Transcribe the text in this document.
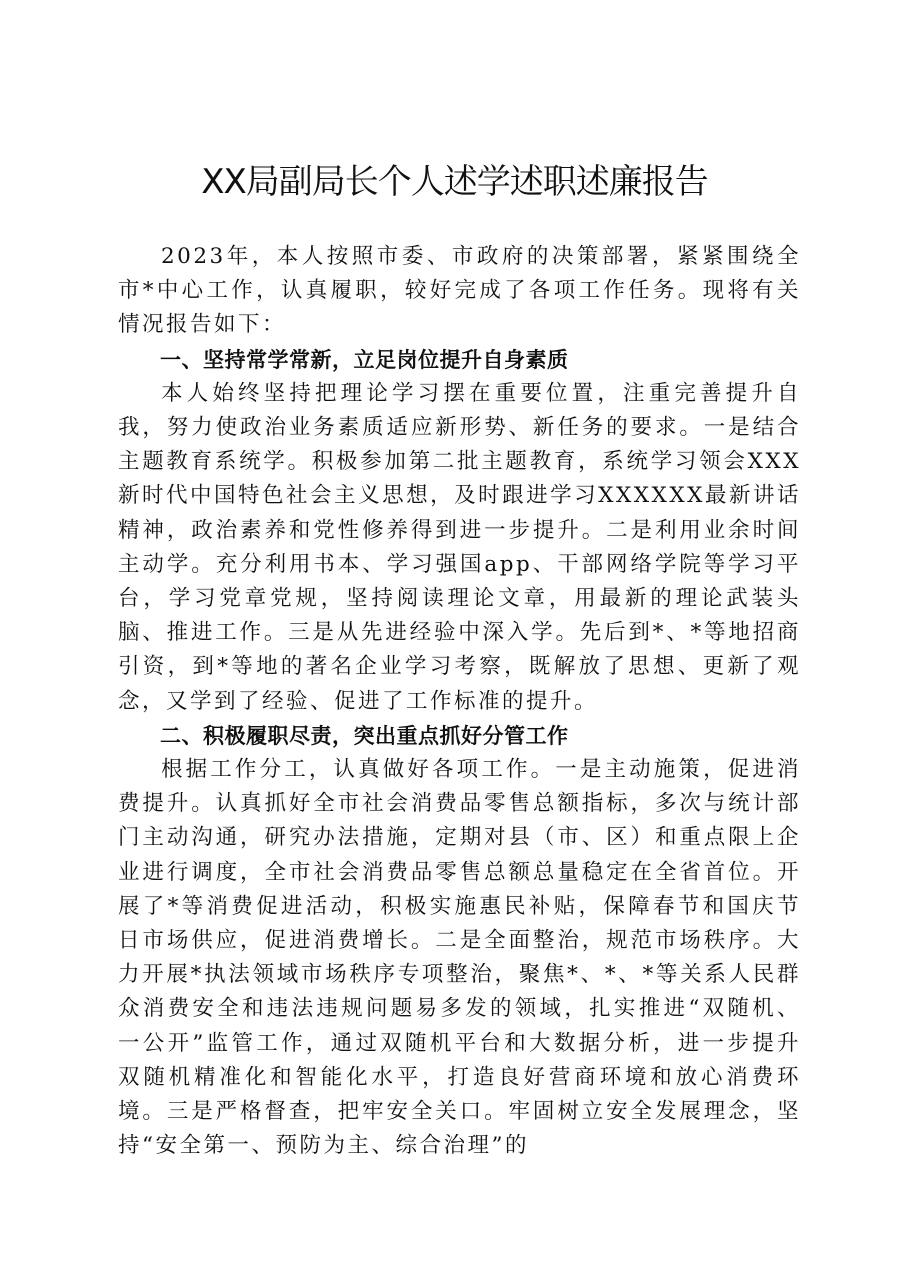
XX局副局长个人述学述职述廉报告

2023年，本人按照市委、市政府的决策部署，紧紧围绕全市*中心工作，认真履职，较好完成了各项工作任务。现将有关情况报告如下：

一、坚持常学常新，立足岗位提升自身素质

本人始终坚持把理论学习摆在重要位置，注重完善提升自我，努力使政治业务素质适应新形势、新任务的要求。一是结合主题教育系统学。积极参加第二批主题教育，系统学习领会XXX新时代中国特色社会主义思想，及时跟进学习XXXXXX最新讲话精神，政治素养和党性修养得到进一步提升。二是利用业余时间主动学。充分利用书本、学习强国app、干部网络学院等学习平台，学习党章党规，坚持阅读理论文章，用最新的理论武装头脑、推进工作。三是从先进经验中深入学。先后到*、*等地招商引资，到*等地的著名企业学习考察，既解放了思想、更新了观念，又学到了经验、促进了工作标准的提升。

二、积极履职尽责，突出重点抓好分管工作

根据工作分工，认真做好各项工作。一是主动施策，促进消费提升。认真抓好全市社会消费品零售总额指标，多次与统计部门主动沟通，研究办法措施，定期对县（市、区）和重点限上企业进行调度，全市社会消费品零售总额总量稳定在全省首位。开展了*等消费促进活动，积极实施惠民补贴，保障春节和国庆节日市场供应，促进消费增长。二是全面整治，规范市场秩序。大力开展*执法领域市场秩序专项整治，聚焦*、*、*等关系人民群众消费安全和违法违规问题易多发的领域，扎实推进“双随机、一公开”监管工作，通过双随机平台和大数据分析，进一步提升双随机精准化和智能化水平，打造良好营商环境和放心消费环境。三是严格督查，把牢安全关口。牢固树立安全发展理念，坚持“安全第一、预防为主、综合治理”的
